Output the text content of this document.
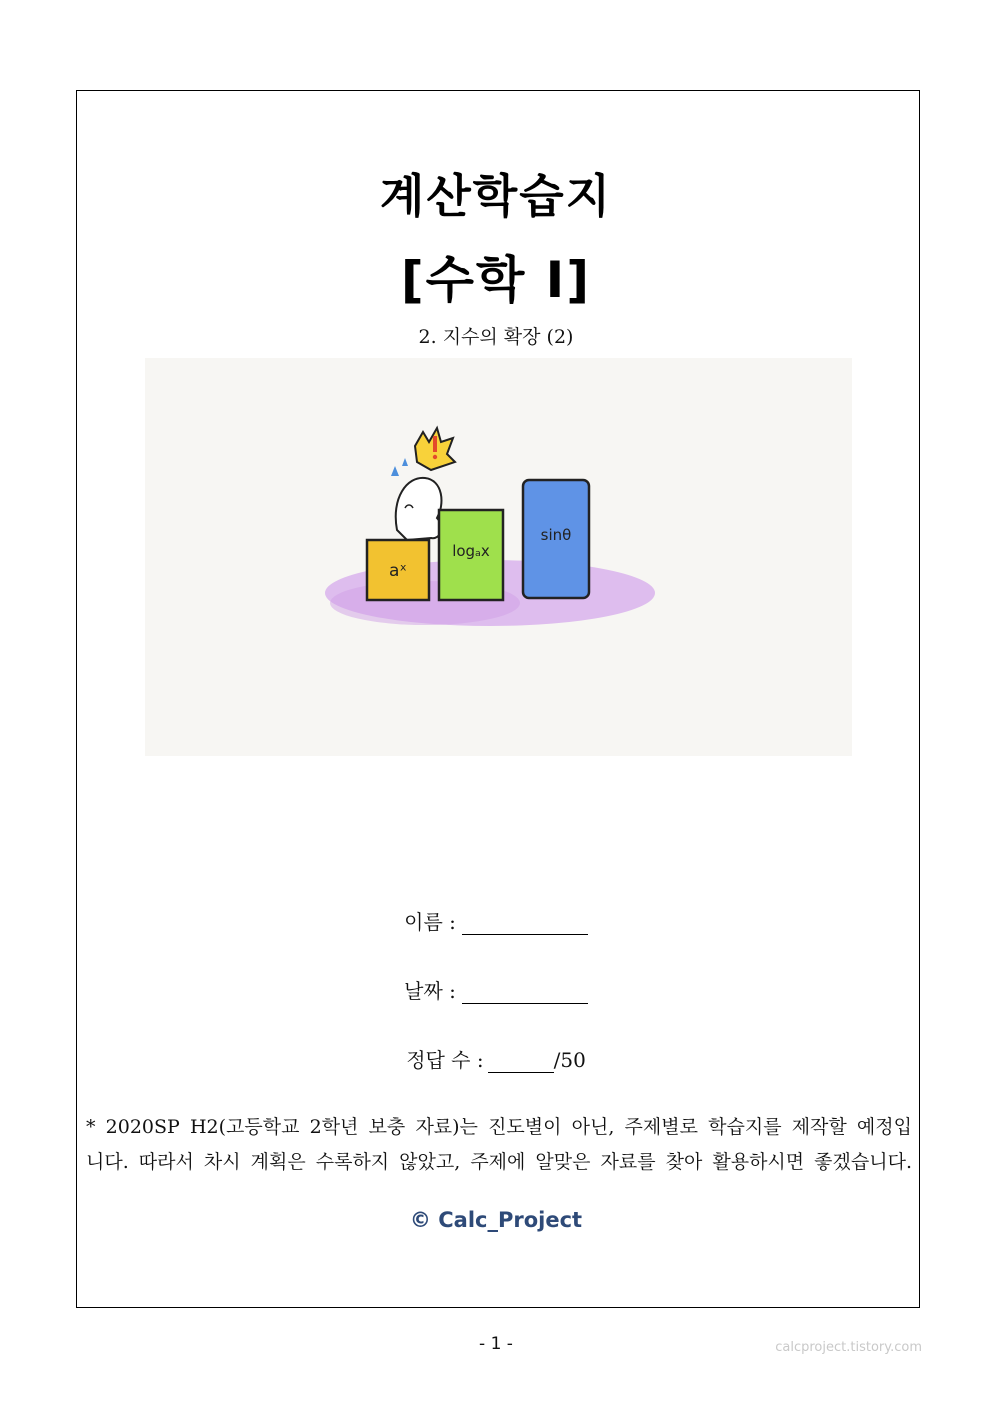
계산학습지
[수학 I]
2. 지수의 확장 (2)
aˣ
logₐx
sinθ
이름 :
날짜 :
정답 수 :	/50
* 2020SP H2(고등학교 2학년 보충 자료)는 진도별이 아닌, 주제별로 학습지를 제작할 예정입
니다. 따라서 차시 계획은 수록하지 않았고, 주제에 알맞은 자료를 찾아 활용하시면 좋겠습니다.
© Calc_Project
- 1 -	calcproject.tistory.com
